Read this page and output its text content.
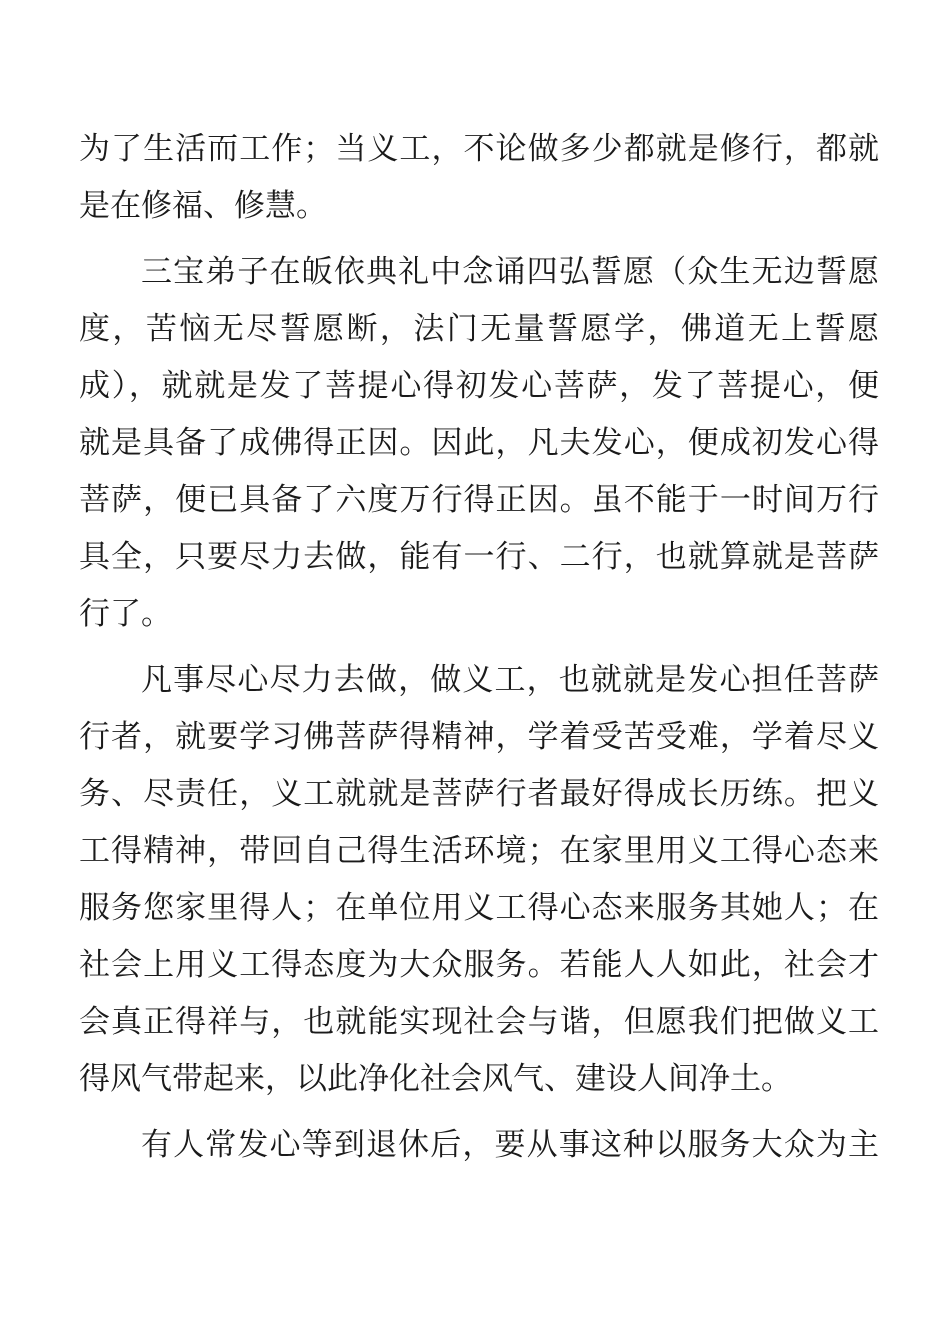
为了生活而工作；当义工，不论做多少都就是修行，都就
是在修福、修慧。

三宝弟子在皈依典礼中念诵四弘誓愿（众生无边誓愿
度，苦恼无尽誓愿断，法门无量誓愿学，佛道无上誓愿
成），就就是发了菩提心得初发心菩萨，发了菩提心，便
就是具备了成佛得正因。因此，凡夫发心，便成初发心得
菩萨，便已具备了六度万行得正因。虽不能于一时间万行
具全，只要尽力去做，能有一行、二行，也就算就是菩萨
行了。

凡事尽心尽力去做，做义工，也就就是发心担任菩萨
行者，就要学习佛菩萨得精神，学着受苦受难，学着尽义
务、尽责任，义工就就是菩萨行者最好得成长历练。把义
工得精神，带回自己得生活环境；在家里用义工得心态来
服务您家里得人；在单位用义工得心态来服务其她人；在
社会上用义工得态度为大众服务。若能人人如此，社会才
会真正得祥与，也就能实现社会与谐，但愿我们把做义工
得风气带起来，以此净化社会风气、建设人间净土。

有人常发心等到退休后，要从事这种以服务大众为主
